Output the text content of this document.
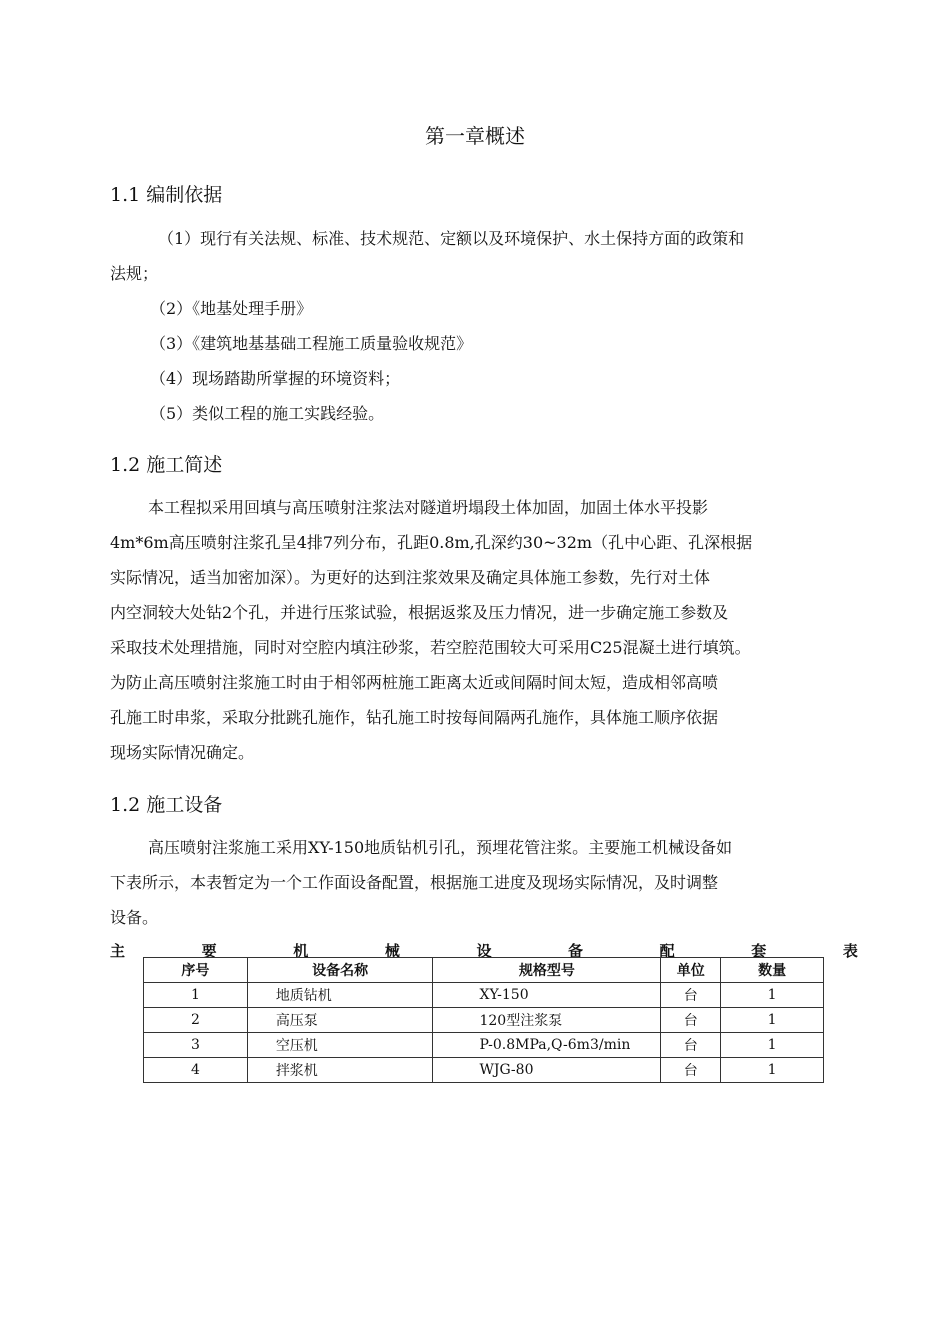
第一章概述
1.1 编制依据
（1）现行有关法规、标准、技术规范、定额以及环境保护、水土保持方面的政策和
法规；
（2）《地基处理手册》
（3）《建筑地基基础工程施工质量验收规范》
（4）现场踏勘所掌握的环境资料；
（5）类似工程的施工实践经验。
1.2 施工简述
本工程拟采用回填与高压喷射注浆法对隧道坍塌段土体加固，加固土体水平投影
4m*6m高压喷射注浆孔呈4排7列分布，孔距0.8m,孔深约30~32m（孔中心距、孔深根据
实际情况，适当加密加深）。为更好的达到注浆效果及确定具体施工参数，先行对土体
内空洞较大处钻2个孔，并进行压浆试验，根据返浆及压力情况，进一步确定施工参数及
采取技术处理措施，同时对空腔内填注砂浆，若空腔范围较大可采用C25混凝土进行填筑。
为防止高压喷射注浆施工时由于相邻两桩施工距离太近或间隔时间太短，造成相邻高喷
孔施工时串浆，采取分批跳孔施作，钻孔施工时按每间隔两孔施作，具体施工顺序依据
现场实际情况确定。
1.2 施工设备
高压喷射注浆施工采用XY-150地质钻机引孔，预埋花管注浆。主要施工机械设备如
下表所示，本表暂定为一个工作面设备配置，根据施工进度及现场实际情况，及时调整
设备。
主	要	机	械	设	备	配	套	表
序号	设备名称	规格型号	单位	数量
1	地质钻机	XY-150	台	1
2	高压泵	120型注浆泵	台	1
3	空压机	P-0.8MPa,Q-6m3/min	台	1
4	拌浆机	WJG-80	台	1
